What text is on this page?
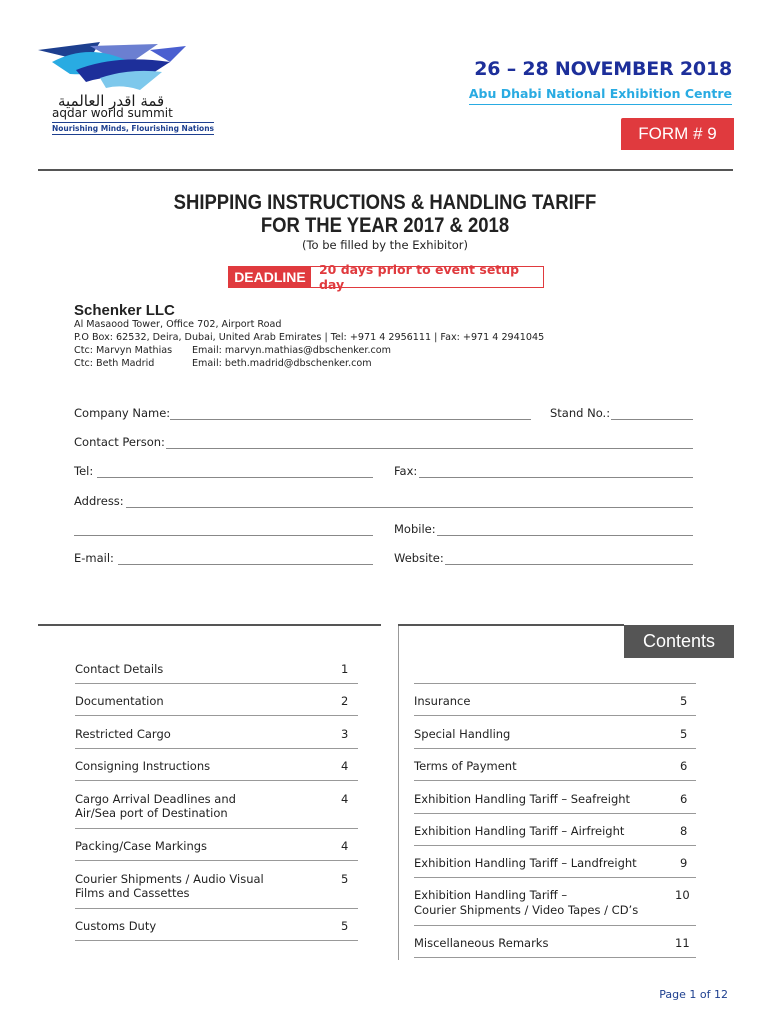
قمة اقدر العالمية
aqdar world summit
Nourishing Minds, Flourishing Nations
26 – 28 NOVEMBER 2018
Abu Dhabi National Exhibition Centre
FORM # 9
SHIPPING INSTRUCTIONS & HANDLING TARIFF
FOR THE YEAR 2017 & 2018
(To be filled by the Exhibitor)
DEADLINE	20 days prior to event setup day
Schenker LLC
Al Masaood Tower, Office 702, Airport Road
P.O Box: 62532, Deira, Dubai, United Arab Emirates | Tel: +971 4 2956111 | Fax: +971 4 2941045
Ctc: Marvyn Mathias Email: marvyn.mathias@dbschenker.com
Ctc: Beth Madrid	Email: beth.madrid@dbschenker.com
Company Name:	Stand No.:
Contact Person:
Tel:	Fax:
Address:
Mobile:
E-mail:	Website:
Contents
Contact Details	1
Documentation	2
Restricted Cargo	3
Consigning Instructions	4
Cargo Arrival Deadlines and
Air/Sea port of Destination
4
Packing/Case Markings	4
Courier Shipments / Audio Visual
Films and Cassettes
5
Customs Duty	5
Insurance	5
Special Handling	5
Terms of Payment	6
Exhibition Handling Tariff – Seafreight	6
Exhibition Handling Tariff – Airfreight	8
Exhibition Handling Tariff – Landfreight	9
Exhibition Handling Tariff –
Courier Shipments / Video Tapes / CD’s
10
Miscellaneous Remarks	11
Page 1 of 12
